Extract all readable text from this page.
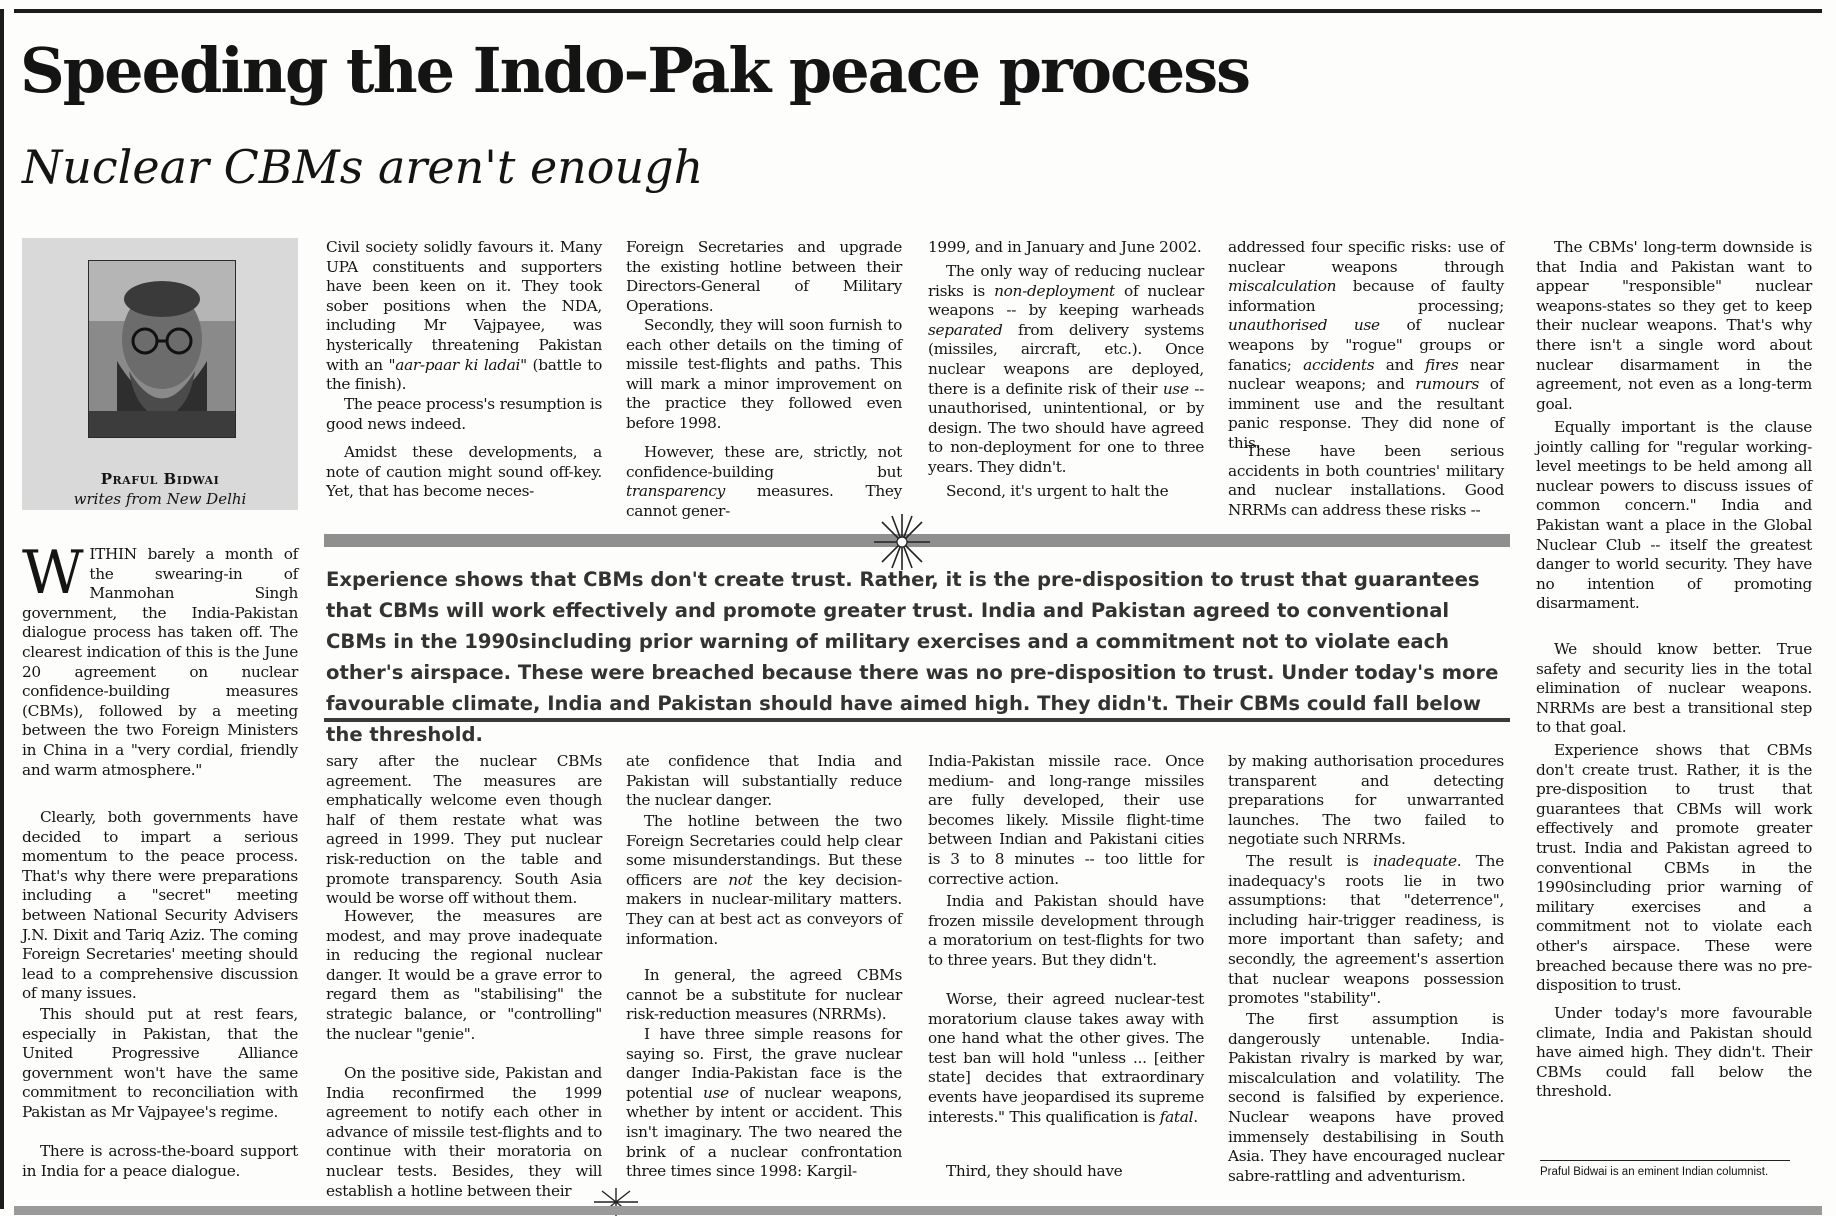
Speeding the Indo-Pak peace process
Nuclear CBMs aren't enough

Praful Bidwai

writes from New Delhi

WITHIN barely a month of the swearing-in of Manmohan Singh government, the India-Pakistan dialogue process has taken off. The clearest indication of this is the June 20 agreement on nuclear confidence-building measures (CBMs), followed by a meeting between the two Foreign Ministers in China in a "very cordial, friendly and warm atmosphere."

Clearly, both governments have decided to impart a serious momentum to the peace process. That's why there were preparations including a "secret" meeting between National Security Advisers J.N. Dixit and Tariq Aziz. The coming Foreign Secretaries' meeting should lead to a comprehensive discussion of many issues.

This should put at rest fears, especially in Pakistan, that the United Progressive Alliance government won't have the same commitment to reconciliation with Pakistan as Mr Vajpayee's regime.

There is across-the-board support in India for a peace dialogue.

Civil society solidly favours it. Many UPA constituents and supporters have been keen on it. They took sober positions when the NDA, including Mr Vajpayee, was hysterically threatening Pakistan with an "aar-paar ki ladai" (battle to the finish).

The peace process's resumption is good news indeed.

Amidst these developments, a note of caution might sound off-key. Yet, that has become neces-

Foreign Secretaries and upgrade the existing hotline between their Directors-General of Military Operations.

Secondly, they will soon furnish to each other details on the timing of missile test-flights and paths. This will mark a minor improvement on the practice they followed even before 1998.

However, these are, strictly, not confidence-building but transparency measures. They cannot gener-

1999, and in January and June 2002.

The only way of reducing nuclear risks is non-deployment of nuclear weapons -- by keeping warheads separated from delivery systems (missiles, aircraft, etc.). Once nuclear weapons are deployed, there is a definite risk of their use -- unauthorised, unintentional, or by design. The two should have agreed to non-deployment for one to three years. They didn't.

Second, it's urgent to halt the

addressed four specific risks: use of nuclear weapons through miscalculation because of faulty information processing; unauthorised use of nuclear weapons by "rogue" groups or fanatics; accidents and fires near nuclear weapons; and rumours of imminent use and the resultant panic response. They did none of this.

These have been serious accidents in both countries' military and nuclear installations. Good NRRMs can address these risks --

Experience shows that CBMs don't create trust. Rather, it is the pre-disposition to trust that guarantees that CBMs will work effectively and promote greater trust. India and Pakistan agreed to conventional CBMs in the 1990sincluding prior warning of military exercises and a commitment not to violate each other's airspace. These were breached because there was no pre-disposition to trust. Under today's more favourable climate, India and Pakistan should have aimed high. They didn't. Their CBMs could fall below the threshold.

sary after the nuclear CBMs agreement. The measures are emphatically welcome even though half of them restate what was agreed in 1999. They put nuclear risk-reduction on the table and promote transparency. South Asia would be worse off without them.

However, the measures are modest, and may prove inadequate in reducing the regional nuclear danger. It would be a grave error to regard them as "stabilising" the strategic balance, or "controlling" the nuclear "genie".

On the positive side, Pakistan and India reconfirmed the 1999 agreement to notify each other in advance of missile test-flights and to continue with their moratoria on nuclear tests. Besides, they will establish a hotline between their

ate confidence that India and Pakistan will substantially reduce the nuclear danger.

The hotline between the two Foreign Secretaries could help clear some misunderstandings. But these officers are not the key decision-makers in nuclear-military matters. They can at best act as conveyors of information.

In general, the agreed CBMs cannot be a substitute for nuclear risk-reduction measures (NRRMs).

I have three simple reasons for saying so. First, the grave nuclear danger India-Pakistan face is the potential use of nuclear weapons, whether by intent or accident. This isn't imaginary. The two neared the brink of a nuclear confrontation three times since 1998: Kargil-

India-Pakistan missile race. Once medium- and long-range missiles are fully developed, their use becomes likely. Missile flight-time between Indian and Pakistani cities is 3 to 8 minutes -- too little for corrective action.

India and Pakistan should have frozen missile development through a moratorium on test-flights for two to three years. But they didn't.

Worse, their agreed nuclear-test moratorium clause takes away with one hand what the other gives. The test ban will hold "unless ... [either state] decides that extraordinary events have jeopardised its supreme interests." This qualification is fatal.

Third, they should have

by making authorisation procedures transparent and detecting preparations for unwarranted launches. The two failed to negotiate such NRRMs.

The result is inadequate. The inadequacy's roots lie in two assumptions: that "deterrence", including hair-trigger readiness, is more important than safety; and secondly, the agreement's assertion that nuclear weapons possession promotes "stability".

The first assumption is dangerously untenable. India-Pakistan rivalry is marked by war, miscalculation and volatility. The second is falsified by experience. Nuclear weapons have proved immensely destabilising in South Asia. They have encouraged nuclear sabre-rattling and adventurism.

The CBMs' long-term downside is that India and Pakistan want to appear "responsible" nuclear weapons-states so they get to keep their nuclear weapons. That's why there isn't a single word about nuclear disarmament in the agreement, not even as a long-term goal.

Equally important is the clause jointly calling for "regular working-level meetings to be held among all nuclear powers to discuss issues of common concern." India and Pakistan want a place in the Global Nuclear Club -- itself the greatest danger to world security. They have no intention of promoting disarmament.

We should know better. True safety and security lies in the total elimination of nuclear weapons. NRRMs are best a transitional step to that goal.

Experience shows that CBMs don't create trust. Rather, it is the pre-disposition to trust that guarantees that CBMs will work effectively and promote greater trust. India and Pakistan agreed to conventional CBMs in the 1990sincluding prior warning of military exercises and a commitment not to violate each other's airspace. These were breached because there was no pre-disposition to trust.

Under today's more favourable climate, India and Pakistan should have aimed high. They didn't. Their CBMs could fall below the threshold.

Praful Bidwai is an eminent Indian columnist.
